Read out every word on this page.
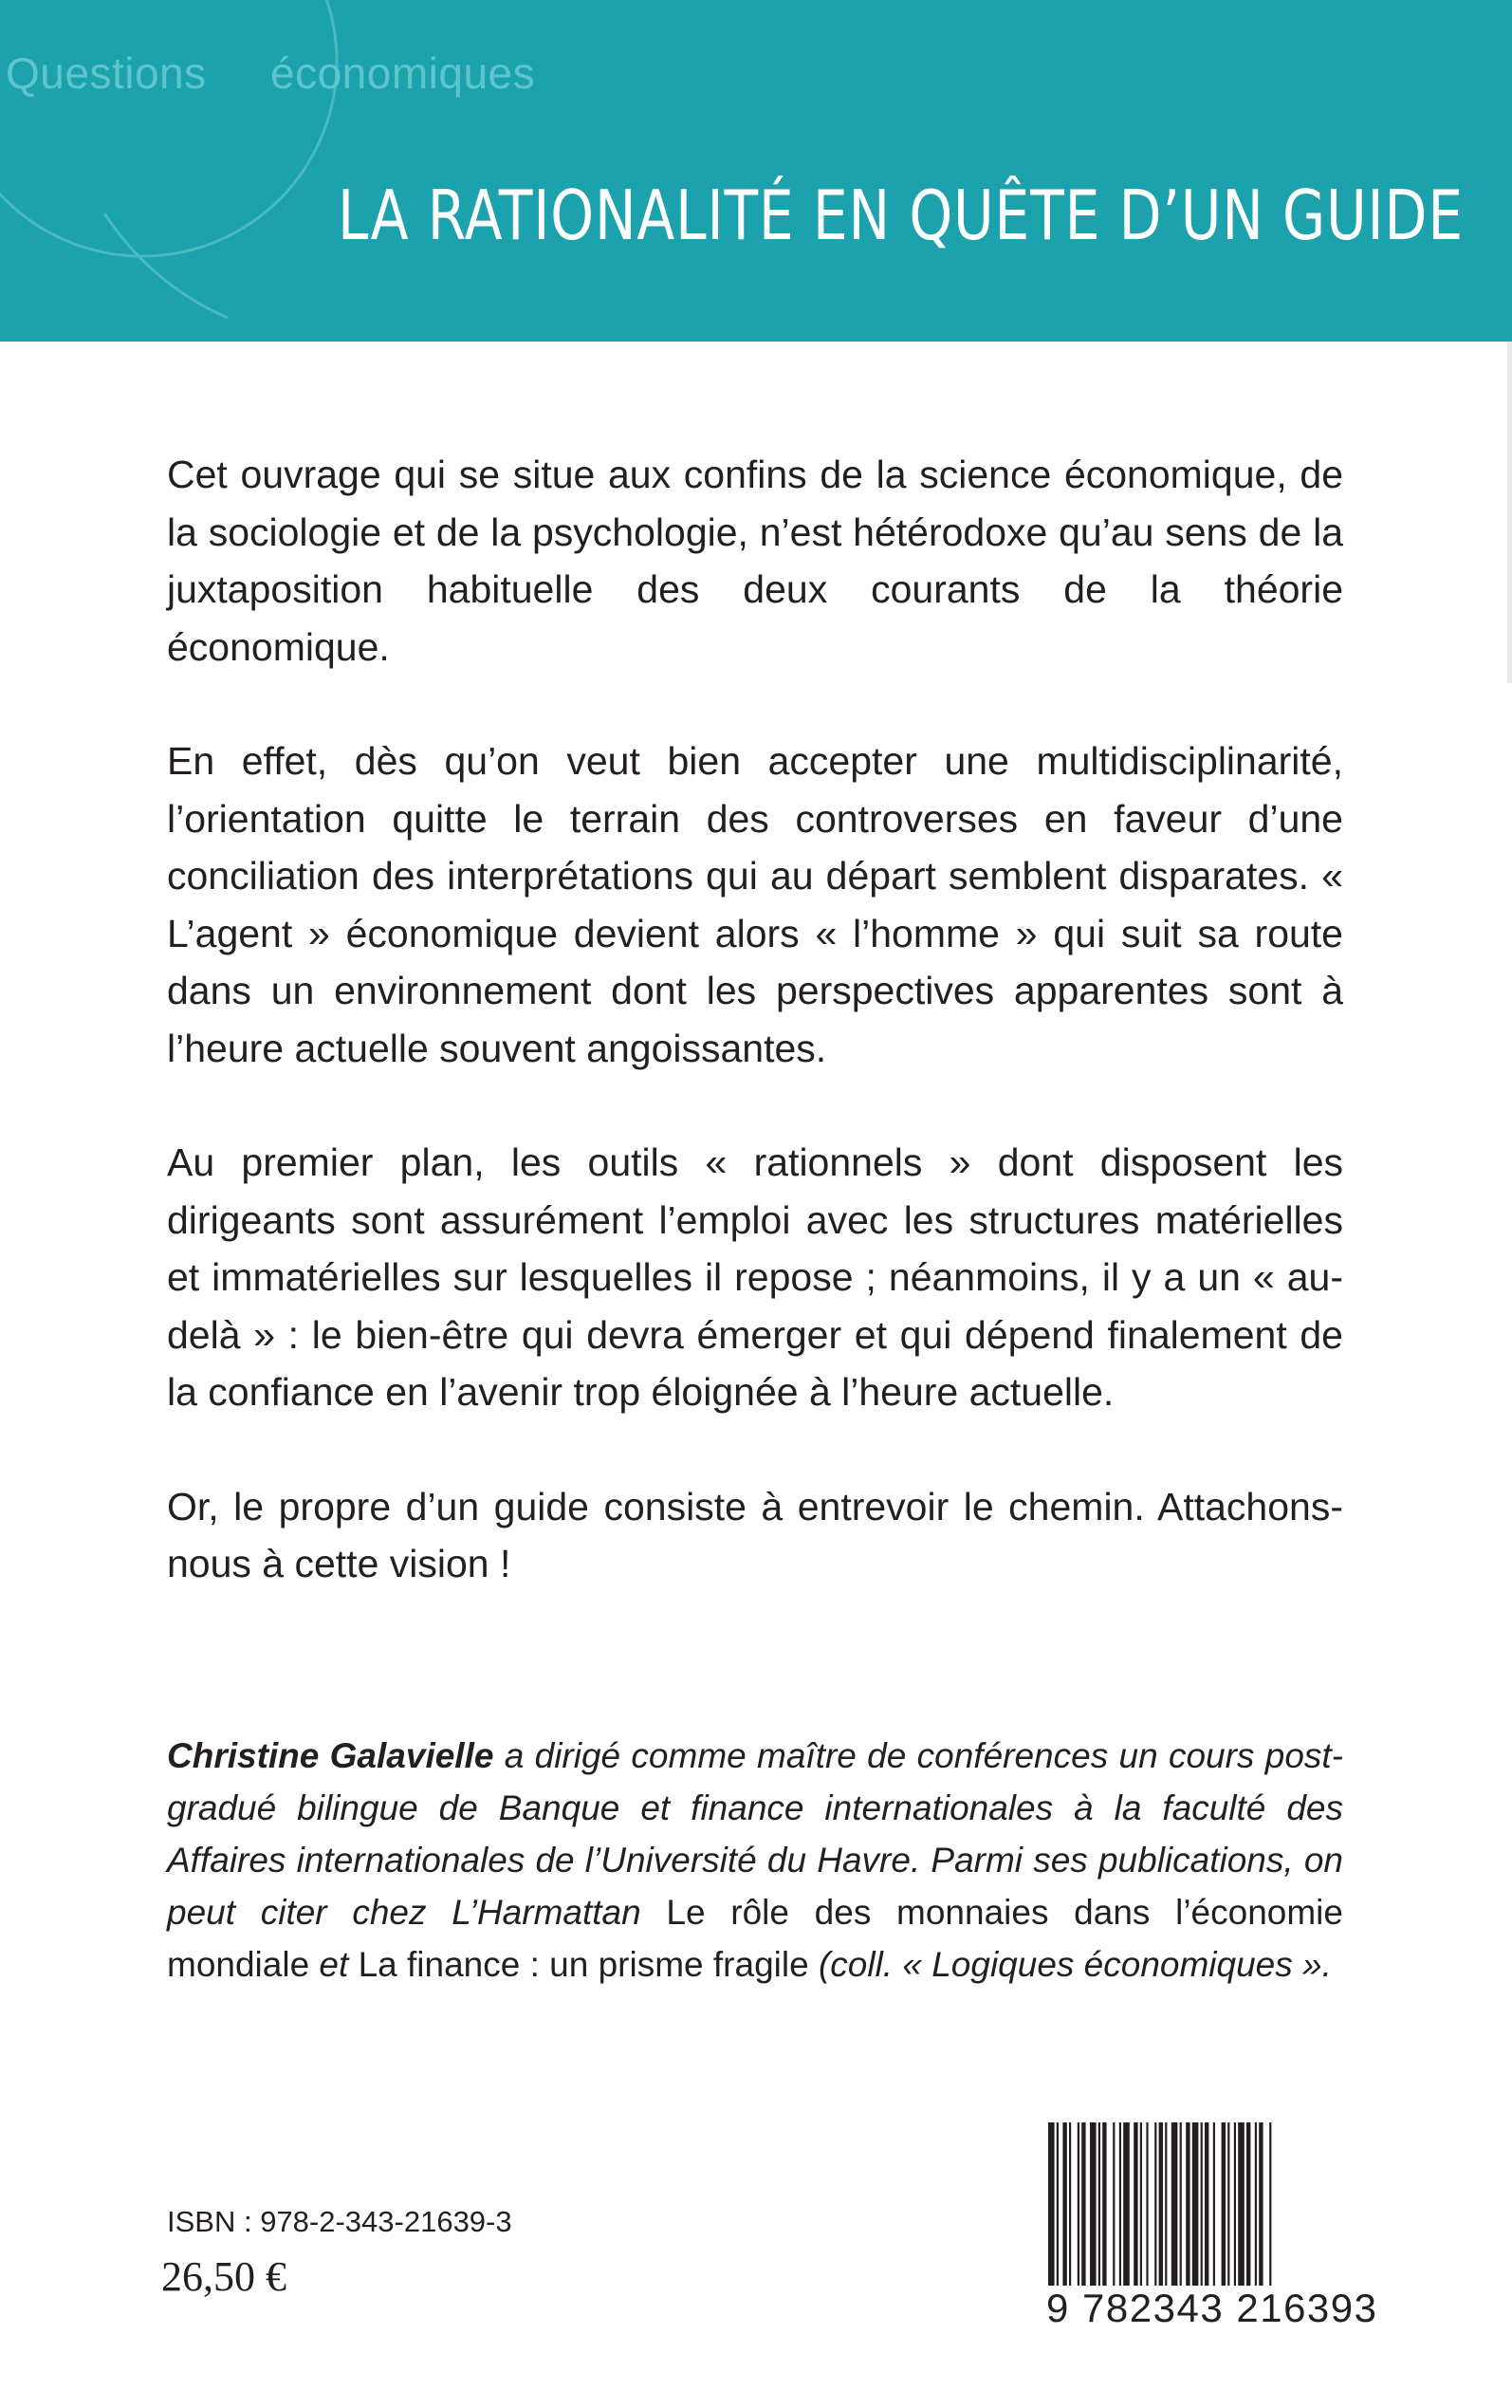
Questions économiques
LA RATIONALITÉ EN QUÊTE D’UN GUIDE

Cet ouvrage qui se situe aux confins de la science économique, de la sociologie et de la psychologie, n’est hétérodoxe qu’au sens de la juxtaposition habituelle des deux courants de la théorie économique.

En effet, dès qu’on veut bien accepter une multidisciplinarité, l’orientation quitte le terrain des controverses en faveur d’une conciliation des interprétations qui au départ semblent disparates. « L’agent » économique devient alors « l’homme » qui suit sa route dans un environnement dont les perspectives apparentes sont à l’heure actuelle souvent angoissantes.

Au premier plan, les outils « rationnels » dont disposent les dirigeants sont assurément l’emploi avec les structures matérielles et immatérielles sur lesquelles il repose ; néanmoins, il y a un « au-delà » : le bien-être qui devra émerger et qui dépend finalement de la confiance en l’avenir trop éloignée à l’heure actuelle.

Or, le propre d’un guide consiste à entrevoir le chemin. Attachons-nous à cette vision !

Christine Galavielle a dirigé comme maître de conférences un cours post-gradué bilingue de Banque et finance internationales à la faculté des Affaires internationales de l’Université du Havre. Parmi ses publications, on peut citer chez L’Harmattan Le rôle des monnaies dans l’économie mondiale et La finance : un prisme fragile (coll. « Logiques économiques ».

ISBN : 978-2-343-21639-3
26,50 €
9 782343 216393
